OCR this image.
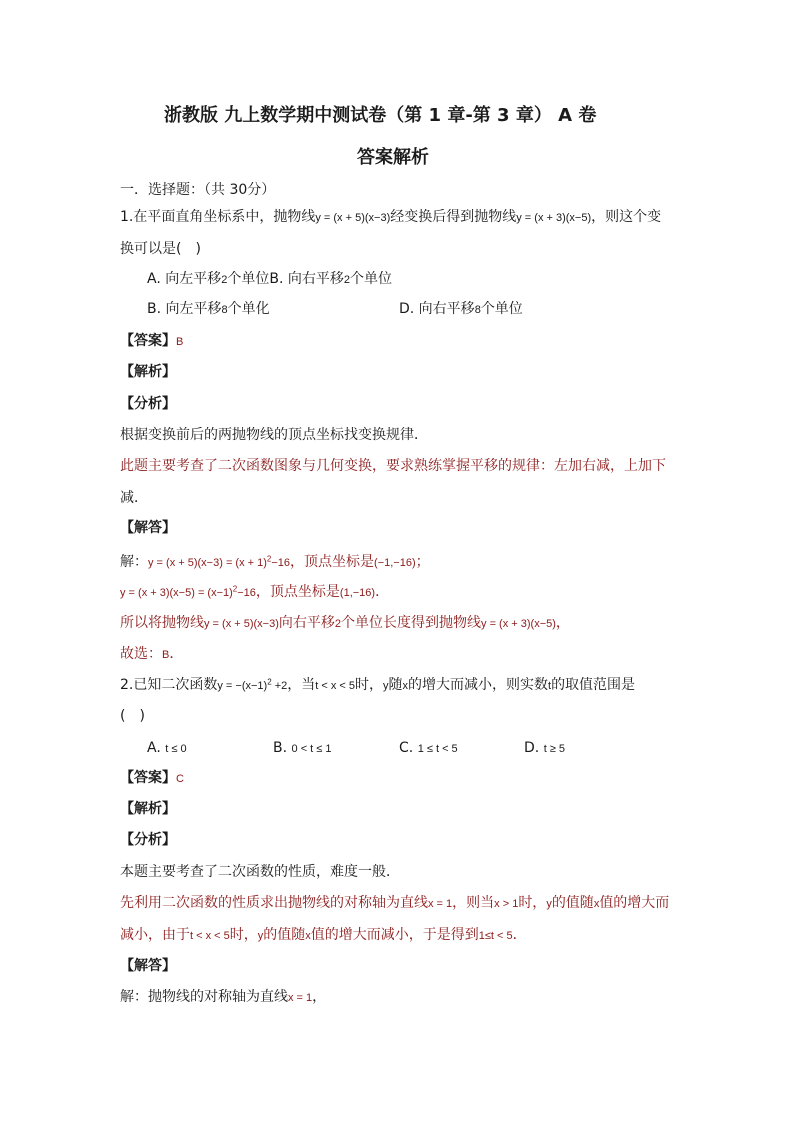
浙教版 九上数学期中测试卷（第 1 章-第 3 章） A 卷
答案解析
一．选择题：（共 30分）
1.在平面直角坐标系中，抛物线y = (x + 5)(x−3)经变换后得到抛物线y = (x + 3)(x−5)，则这个变
换可以是(　)
A. 向左平移2个单位B. 向右平移2个单位
B. 向左平移8个单化	D. 向右平移8个单位
【答案】B
【解析】
【分析】
根据变换前后的两抛物线的顶点坐标找变换规律．
此题主要考查了二次函数图象与几何变换，要求熟练掌握平移的规律：左加右减，上加下
减．
【解答】
解：$y = (x + 5)(x-3) = (x + 1)^2-16$，顶点坐标是(−1,−16)；
$y = (x + 3)(x-5) = (x-1)^2-16$，顶点坐标是(1,−16)．
所以将抛物线y = (x + 5)(x−3)向右平移2个单位长度得到抛物线y = (x + 3)(x−5)，
故选：B．
2.已知二次函数$y = -(x-1)^2 +2$，当t < x < 5时，y随x的增大而减小，则实数t的取值范围是
(　)
A. t ≤ 0	B. 0 < t ≤ 1	C. 1 ≤ t < 5	D. t ≥ 5
【答案】C
【解析】
【分析】
本题主要考查了二次函数的性质，难度一般．
先利用二次函数的性质求出抛物线的对称轴为直线x = 1，则当x > 1时，y的值随x值的增大而
减小，由于t < x < 5时，y的值随x值的增大而减小，于是得到1≤t < 5．
【解答】
解：抛物线的对称轴为直线x = 1，
